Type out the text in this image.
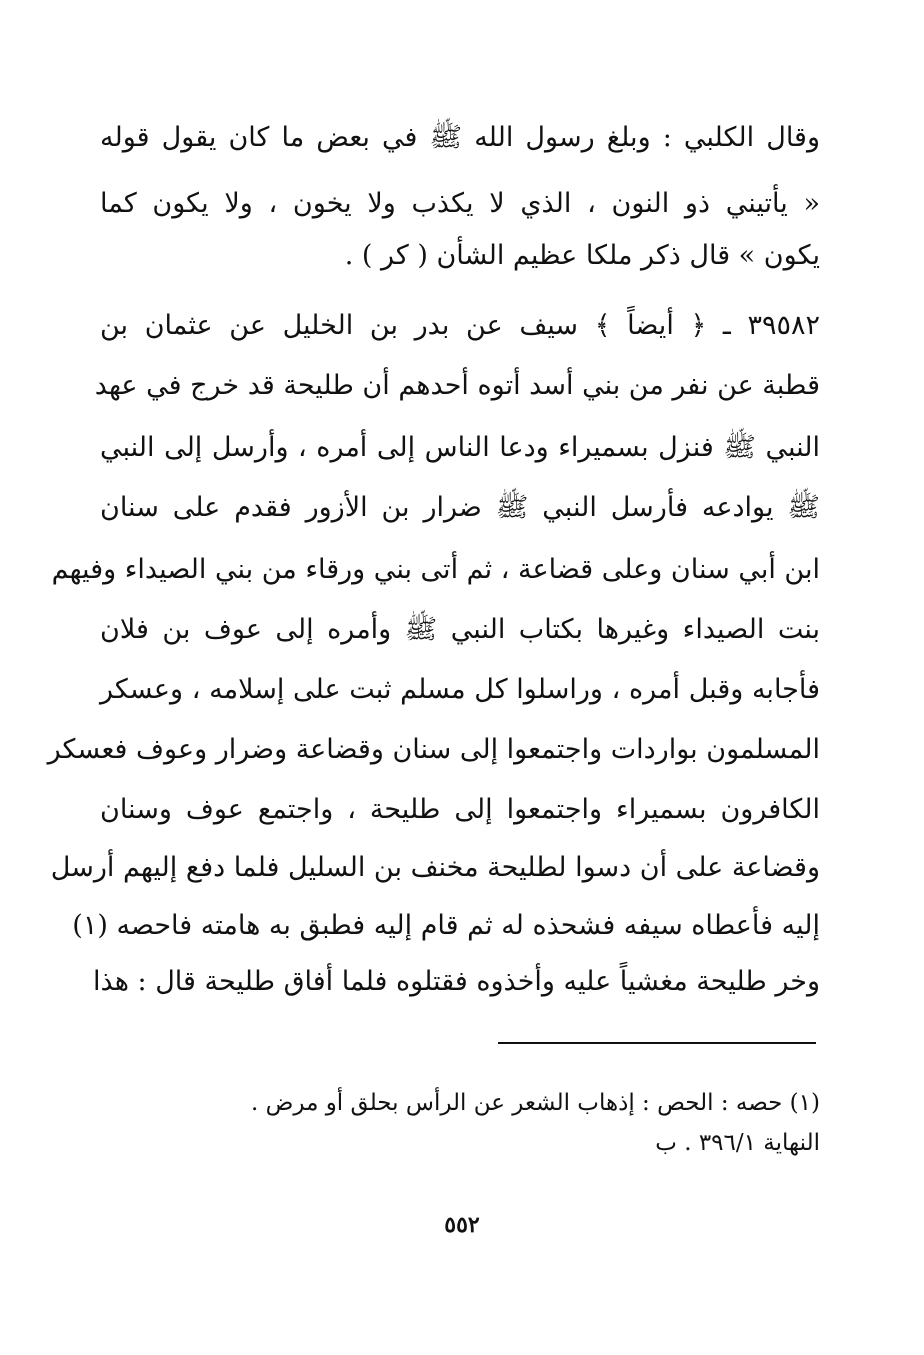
وقال الكلبي : وبلغ رسول الله ﷺ في بعض ما كان يقول قوله
« يأتيني ذو النون ، الذي لا يكذب ولا يخون ، ولا يكون كما
يكون » قال ذكر ملكا عظيم الشأن ( كر ) .
٣٩٥٨٢ ـ ﴿ أيضاً ﴾ سيف عن بدر بن الخليل عن عثمان بن
قطبة عن نفر من بني أسد أتوه أحدهم أن طليحة قد خرج في عهد
النبي ﷺ فنزل بسميراء ودعا الناس إلى أمره ، وأرسل إلى النبي
ﷺ يوادعه فأرسل النبي ﷺ ضرار بن الأزور فقدم على سنان
ابن أبي سنان وعلى قضاعة ، ثم أتى بني ورقاء من بني الصيداء وفيهم
بنت الصيداء وغيرها بكتاب النبي ﷺ وأمره إلى عوف بن فلان
فأجابه وقبل أمره ، وراسلوا كل مسلم ثبت على إسلامه ، وعسكر
المسلمون بواردات واجتمعوا إلى سنان وقضاعة وضرار وعوف فعسكر
الكافرون بسميراء واجتمعوا إلى طليحة ، واجتمع عوف وسنان
وقضاعة على أن دسوا لطليحة مخنف بن السليل فلما دفع إليهم أرسل
إليه فأعطاه سيفه فشحذه له ثم قام إليه فطبق به هامته فاحصه (١)
وخر طليحة مغشياً عليه وأخذوه فقتلوه فلما أفاق طليحة قال : هذا
(١) حصه : الحص : إذهاب الشعر عن الرأس بحلق أو مرض .
النهاية ٣٩٦/١ . ب
٥٥٢
